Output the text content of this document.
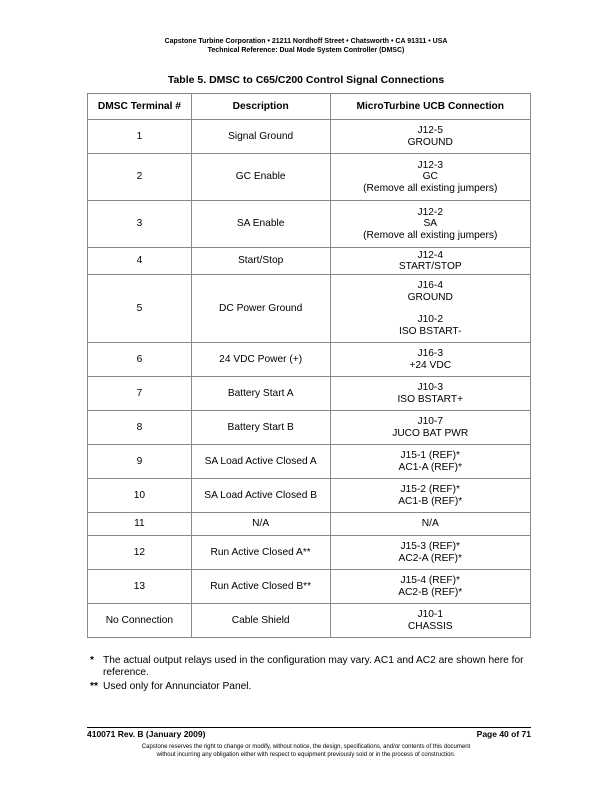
Capstone Turbine Corporation • 21211 Nordhoff Street • Chatsworth • CA 91311 • USA
Technical Reference: Dual Mode System Controller (DMSC)
Table 5. DMSC to C65/C200 Control Signal Connections
DMSC Terminal #	Description	MicroTurbine UCB Connection
1	Signal Ground	J12-5
GROUND

2	GC Enable	J12-3
GC
(Remove all existing jumpers)

3	SA Enable	J12-2
SA
(Remove all existing jumpers)

4	Start/Stop	J12-4
START/STOP

5	DC Power Ground	J16-4
GROUND
J10-2
ISO BSTART-

6	24 VDC Power (+)	J16-3
+24 VDC

7	Battery Start A	J10-3
ISO BSTART+

8	Battery Start B	J10-7
JUCO BAT PWR

9	SA Load Active Closed A	J15-1 (REF)*
AC1-A (REF)*

10	SA Load Active Closed B	J15-2 (REF)*
AC1-B (REF)*

11	N/A	N/A

12	Run Active Closed A**	J15-3 (REF)*
AC2-A (REF)*

13	Run Active Closed B**	J15-4 (REF)*
AC2-B (REF)*

No Connection	Cable Shield	J10-1
CHASSIS
* The actual output relays used in the configuration may vary. AC1 and AC2 are shown here for reference.
** Used only for Annunciator Panel.
410071 Rev. B (January 2009)	Page 40 of 71
Capstone reserves the right to change or modify, without notice, the design, specifications, and/or contents of this document
without incurring any obligation either with respect to equipment previously sold or in the process of construction.
